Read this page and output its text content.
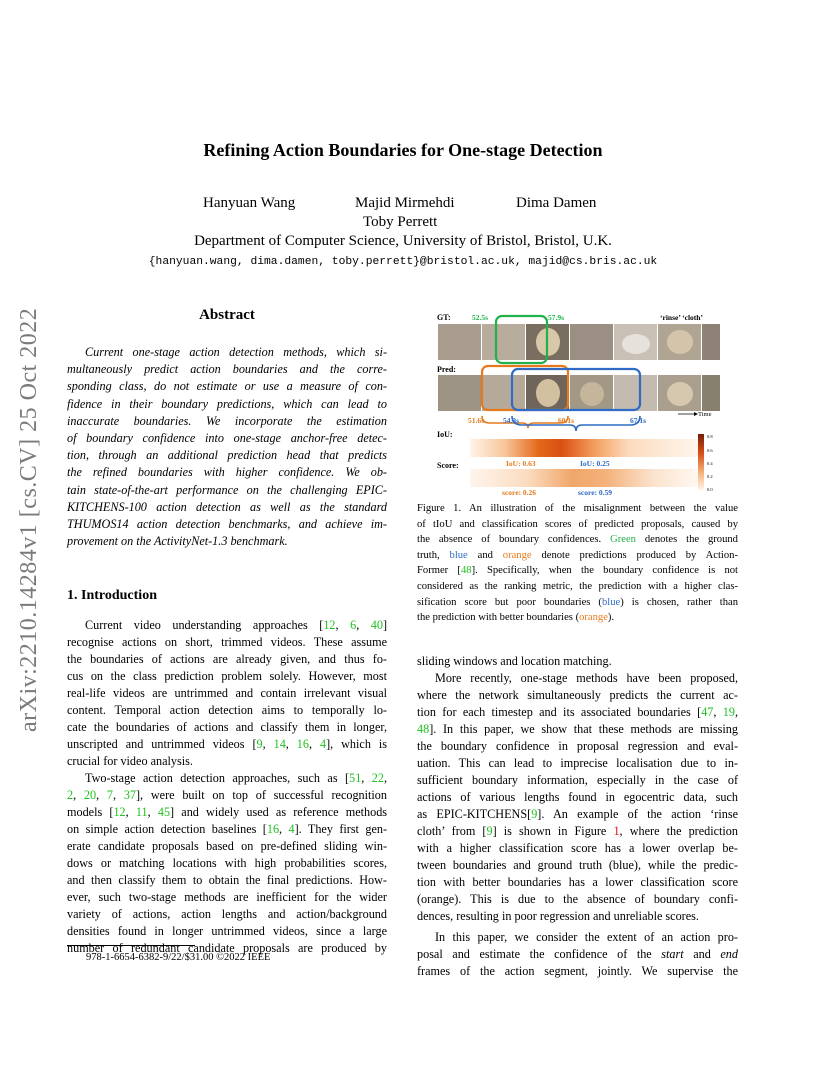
arXiv:2210.14284v1 [cs.CV] 25 Oct 2022
Refining Action Boundaries for One-stage Detection
Hanyuan Wang	Majid Mirmehdi	Dima Damen
Toby Perrett
Department of Computer Science, University of Bristol, Bristol, U.K.
{hanyuan.wang, dima.damen, toby.perrett}@bristol.ac.uk, majid@cs.bris.ac.uk
Abstract
1. Introduction
978-1-6654-6382-9/22/$31.00 ©2022 IEEE
GT:	52.5s	57.9s	‘rinse’ ‘cloth’
Pred:
Time
51.6s	54.3s	60.1s	67.1s
IoU:
IoU: 0.63	IoU: 0.25
Score:
score: 0.26	score: 0.59
0.8
0.6
0.4
0.2
0.0
Current one-stage action detection methods, which si-
multaneously predict action boundaries and the corre-
sponding class, do not estimate or use a measure of con-
fidence in their boundary predictions, which can lead to
inaccurate boundaries. We incorporate the estimation
of boundary confidence into one-stage anchor-free detec-
tion, through an additional prediction head that predicts
the refined boundaries with higher confidence. We ob-
tain state-of-the-art performance on the challenging EPIC-
KITCHENS-100 action detection as well as the standard
THUMOS14 action detection benchmarks, and achieve im-
provement on the ActivityNet-1.3 benchmark.
Current video understanding approaches [12, 6, 40]
recognise actions on short, trimmed videos. These assume
the boundaries of actions are already given, and thus fo-
cus on the class prediction problem solely. However, most
real-life videos are untrimmed and contain irrelevant visual
content. Temporal action detection aims to temporally lo-
cate the boundaries of actions and classify them in longer,
unscripted and untrimmed videos [9, 14, 16, 4], which is
crucial for video analysis.
Two-stage action detection approaches, such as [51, 22,
2, 20, 7, 37], were built on top of successful recognition
models [12, 11, 45] and widely used as reference methods
on simple action detection baselines [16, 4]. They first gen-
erate candidate proposals based on pre-defined sliding win-
dows or matching locations with high probabilities scores,
and then classify them to obtain the final predictions. How-
ever, such two-stage methods are inefficient for the wider
variety of actions, action lengths and action/background
densities found in longer untrimmed videos, since a large
number of redundant candidate proposals are produced by
Figure 1. An illustration of the misalignment between the value
of tIoU and classification scores of predicted proposals, caused by
the absence of boundary confidences. Green denotes the ground
truth, blue and orange denote predictions produced by Action-
Former [48]. Specifically, when the boundary confidence is not
considered as the ranking metric, the prediction with a higher clas-
sification score but poor boundaries (blue) is chosen, rather than
the prediction with better boundaries (orange).
sliding windows and location matching.
More recently, one-stage methods have been proposed,
where the network simultaneously predicts the current ac-
tion for each timestep and its associated boundaries [47, 19,
48]. In this paper, we show that these methods are missing
the boundary confidence in proposal regression and eval-
uation. This can lead to imprecise localisation due to in-
sufficient boundary information, especially in the case of
actions of various lengths found in egocentric data, such
as EPIC-KITCHENS[9]. An example of the action ‘rinse
cloth’ from [9] is shown in Figure 1, where the prediction
with a higher classification score has a lower overlap be-
tween boundaries and ground truth (blue), while the predic-
tion with better boundaries has a lower classification score
(orange). This is due to the absence of boundary confi-
dences, resulting in poor regression and unreliable scores.
In this paper, we consider the extent of an action pro-
posal and estimate the confidence of the start and end
frames of the action segment, jointly. We supervise the
